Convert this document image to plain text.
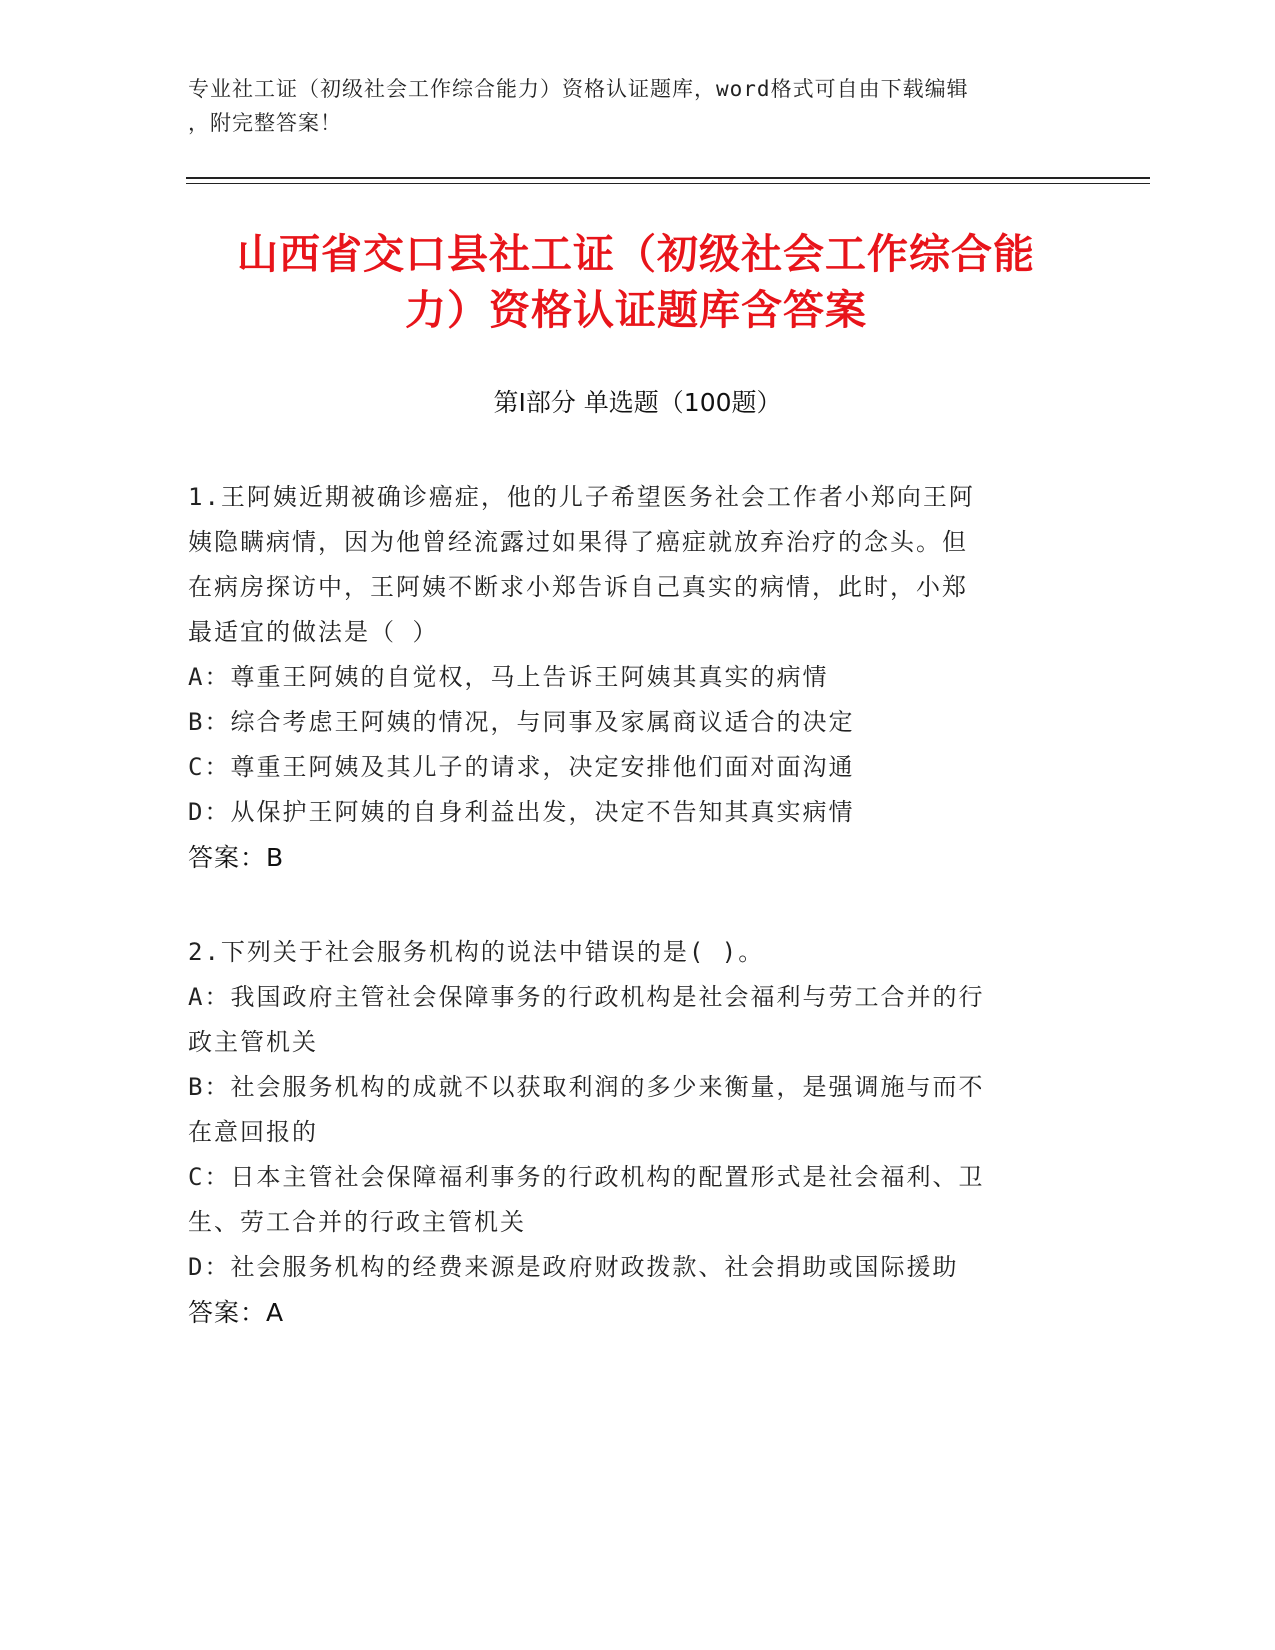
专业社工证（初级社会工作综合能力）资格认证题库，word格式可自由下载编辑
，附完整答案！
山西省交口县社工证（初级社会工作综合能
力）资格认证题库含答案
第Ⅰ部分 单选题（100题）
1.王阿姨近期被确诊癌症，他的儿子希望医务社会工作者小郑向王阿
姨隐瞒病情，因为他曾经流露过如果得了癌症就放弃治疗的念头。但
在病房探访中，王阿姨不断求小郑告诉自己真实的病情，此时，小郑
最适宜的做法是（ ）
A：尊重王阿姨的自觉权，马上告诉王阿姨其真实的病情
B：综合考虑王阿姨的情况，与同事及家属商议适合的决定
C：尊重王阿姨及其儿子的请求，决定安排他们面对面沟通
D：从保护王阿姨的自身利益出发，决定不告知其真实病情
答案：B
2.下列关于社会服务机构的说法中错误的是( )。
A：我国政府主管社会保障事务的行政机构是社会福利与劳工合并的行
政主管机关
B：社会服务机构的成就不以获取利润的多少来衡量，是强调施与而不
在意回报的
C：日本主管社会保障福利事务的行政机构的配置形式是社会福利、卫
生、劳工合并的行政主管机关
D：社会服务机构的经费来源是政府财政拨款、社会捐助或国际援助
答案：A
